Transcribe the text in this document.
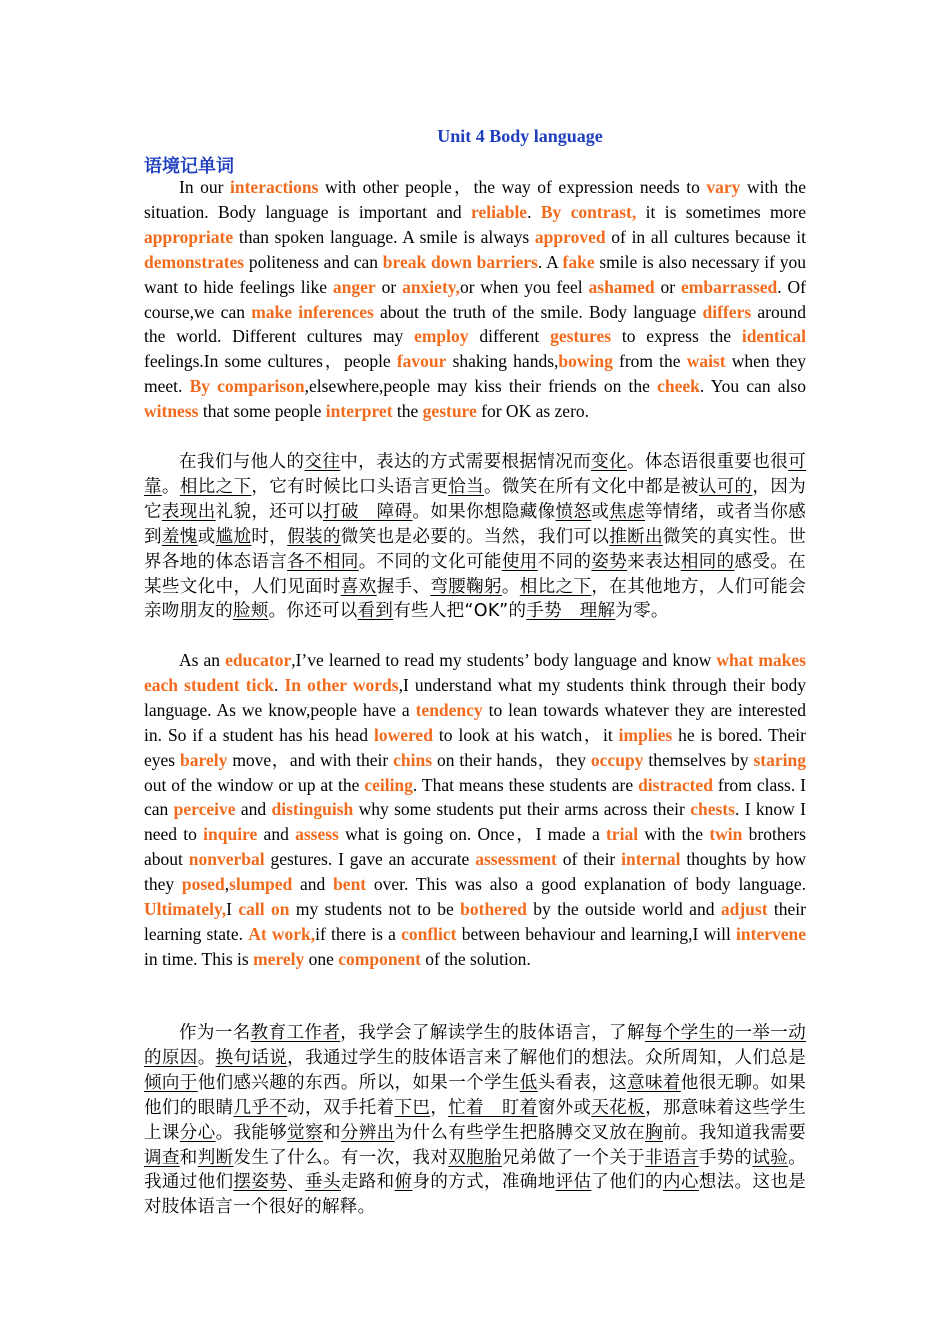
Unit 4 Body language
语境记单词

In our interactions with other people，the way of expression needs to vary with the situation. Body language is important and reliable. By contrast, it is sometimes more appropriate than spoken language. A smile is always approved of in all cultures because it demonstrates politeness and can break down barriers. A fake smile is also necessary if you want to hide feelings like anger or anxiety,or when you feel ashamed or embarrassed. Of course,we can make inferences about the truth of the smile. Body language differs around the world. Different cultures may employ different gestures to express the identical feelings.In some cultures，people favour shaking hands,bowing from the waist when they meet. By comparison,elsewhere,people may kiss their friends on the cheek. You can also witness that some people interpret the gesture for OK as zero.

在我们与他人的交往中，表达的方式需要根据情况而变化。体态语很重要也很可靠。相比之下，它有时候比口头语言更恰当。微笑在所有文化中都是被认可的，因为它表现出礼貌，还可以打破　障碍。如果你想隐藏像愤怒或焦虑等情绪，或者当你感到羞愧或尴尬时，假装的微笑也是必要的。当然，我们可以推断出微笑的真实性。世界各地的体态语言各不相同。不同的文化可能使用不同的姿势来表达相同的感受。在某些文化中，人们见面时喜欢握手、弯腰鞠躬。相比之下，在其他地方，人们可能会亲吻朋友的脸颊。你还可以看到有些人把“OK”的手势　理解为零。

As an educator,I’ve learned to read my students’ body language and know what makes each student tick. In other words,I understand what my students think through their body language. As we know,people have a tendency to lean towards whatever they are interested in. So if a student has his head lowered to look at his watch，it implies he is bored. Their eyes barely move，and with their chins on their hands，they occupy themselves by staring out of the window or up at the ceiling. That means these students are distracted from class. I can perceive and distinguish why some students put their arms across their chests. I know I need to inquire and assess what is going on. Once，I made a trial with the twin brothers about nonverbal gestures. I gave an accurate assessment of their internal thoughts by how they posed,slumped and bent over. This was also a good explanation of body language. Ultimately,I call on my students not to be bothered by the outside world and adjust their learning state. At work,if there is a conflict between behaviour and learning,I will intervene in time. This is merely one component of the solution.

作为一名教育工作者，我学会了解读学生的肢体语言，了解每个学生的一举一动的原因。换句话说，我通过学生的肢体语言来了解他们的想法。众所周知，人们总是倾向于他们感兴趣的东西。所以，如果一个学生低头看表，这意味着他很无聊。如果他们的眼睛几乎不动，双手托着下巴，忙着　盯着窗外或天花板，那意味着这些学生上课分心。我能够觉察和分辨出为什么有些学生把胳膊交叉放在胸前。我知道我需要调查和判断发生了什么。有一次，我对双胞胎兄弟做了一个关于非语言手势的试验。我通过他们摆姿势、垂头走路和俯身的方式，准确地评估了他们的内心想法。这也是对肢体语言一个很好的解释。
